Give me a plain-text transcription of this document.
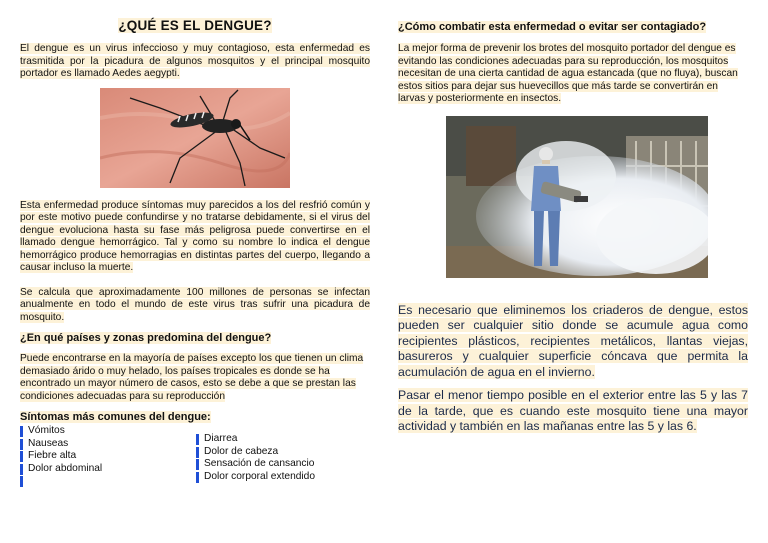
¿QUÉ ES EL DENGUE?

El dengue es un virus infeccioso y muy contagioso, esta enfermedad es trasmitida por la picadura de algunos mosquitos y el principal mosquito portador es llamado Aedes aegypti.

Esta enfermedad produce síntomas muy parecidos a los del resfrió común y por este motivo puede confundirse y no tratarse debidamente, si el virus del dengue evoluciona hasta su fase más peligrosa puede convertirse en el llamado dengue hemorrágico. Tal y como su nombre lo indica el dengue hemorrágico produce hemorragias en distintas partes del cuerpo, llegando a causar incluso la muerte.

Se calcula que aproximadamente 100 millones de personas se infectan anualmente en todo el mundo de este virus tras sufrir una picadura de mosquito.

¿En qué países y zonas predomina del dengue?

Puede encontrarse en la mayoría de países excepto los que tienen un clima demasiado árido o muy helado, los países tropicales es donde se ha encontrado un mayor número de casos, esto se debe a que se prestan las condiciones adecuadas para su reproducción

Síntomas más comunes del dengue:
Vómitos
Nauseas
Fiebre alta
Dolor abdominal
Diarrea
Dolor de cabeza
Sensación de cansancio
Dolor corporal extendido
¿Cómo combatir esta enfermedad o evitar ser contagiado?

La mejor forma de prevenir los brotes del mosquito portador del dengue es evitando las condiciones adecuadas para su reproducción, los mosquitos necesitan de una cierta cantidad de agua estancada (que no fluya), buscan estos sitios para dejar sus huevecillos que más tarde se convertirán en larvas y posteriormente en insectos.

Es necesario que eliminemos los criaderos de dengue, estos pueden ser cualquier sitio donde se acumule agua como recipientes plásticos, recipientes metálicos, llantas viejas, basureros y cualquier superficie cóncava que permita la acumulación de agua en el invierno.

Pasar el menor tiempo posible en el exterior entre las 5 y las 7 de la tarde, que es cuando este mosquito tiene una mayor actividad y también en las mañanas entre las 5 y las 6.
